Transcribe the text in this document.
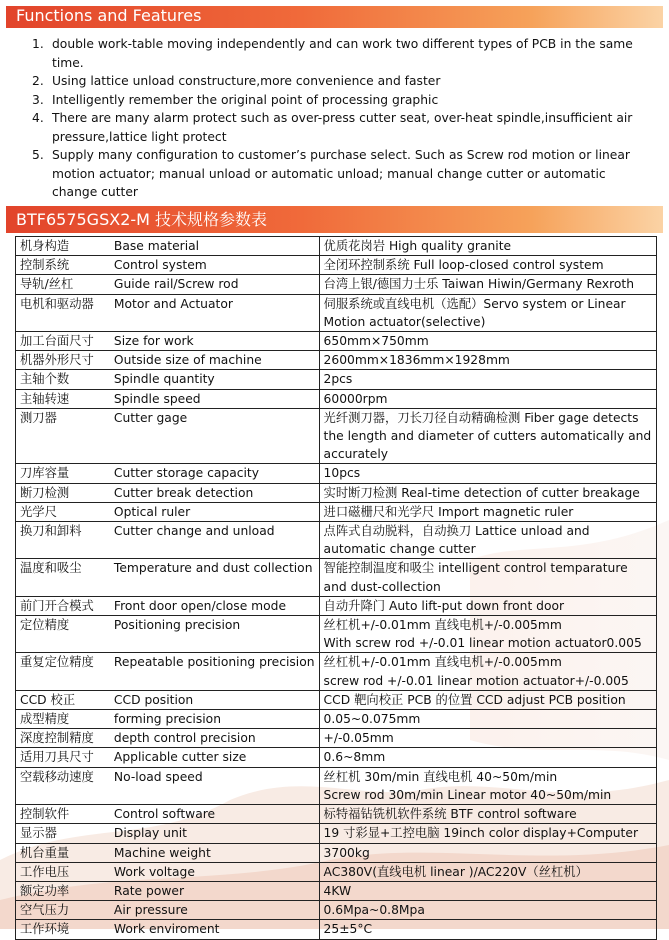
Functions and Features
1. double work-table moving independently and can work two different types of PCB in the same time.
2. Using lattice unload constructure,more convenience and faster
3. Intelligently remember the original point of processing graphic
4. There are many alarm protect such as over-press cutter seat, over-heat spindle,insufficient air pressure,lattice light protect
5. Supply many configuration to customer’s purchase select. Such as Screw rod motion or linear motion actuator; manual unload or automatic unload; manual change cutter or automatic change cutter
BTF6575GSX2-M 技术规格参数表
机身构造 Base material	优质花岗岩 High quality granite

控制系统 Control system	全闭环控制系统 Full loop-closed control system

导轨/丝杠 Guide rail/Screw rod	台湾上银/德国力士乐 Taiwan Hiwin/Germany Rexroth

电机和驱动器 Motor and Actuator	伺服系统或直线电机（选配）Servo system or Linear Motion actuator(selective)

加工台面尺寸 Size for work	650mm×750mm

机器外形尺寸 Outside size of machine	2600mm×1836mm×1928mm

主轴个数 Spindle quantity	2pcs

主轴转速 Spindle speed	60000rpm

测刀器 Cutter gage	光纤测刀器，刀长刀径自动精确检测 Fiber gage detects the length and diameter of cutters automatically and accurately

刀库容量 Cutter storage capacity	10pcs

断刀检测 Cutter break detection	实时断刀检测 Real-time detection of cutter breakage

光学尺 Optical ruler	进口磁栅尺和光学尺 Import magnetic ruler

换刀和卸料 Cutter change and unload	点阵式自动脱料，自动换刀 Lattice unload and automatic change cutter

温度和吸尘 Temperature and dust collection	智能控制温度和吸尘 intelligent control temparature and dust-collection

前门开合模式 Front door open/close mode	自动升降门 Auto lift-put down front door

定位精度 Positioning precision	丝杠机+/-0.01mm 直线电机+/-0.005mm
With screw rod +/-0.01 linear motion actuator0.005

重复定位精度 Repeatable positioning precision	丝杠机+/-0.01mm 直线电机+/-0.005mm
screw rod +/-0.01 linear motion actuator+/-0.005

CCD 校正 CCD position	CCD 靶向校正 PCB 的位置 CCD adjust PCB position

成型精度 forming precision	0.05~0.075mm

深度控制精度 depth control precision	+/-0.05mm

适用刀具尺寸 Applicable cutter size	0.6~8mm

空载移动速度 No-load speed	丝杠机 30m/min 直线电机 40~50m/min
Screw rod 30m/min Linear motor 40~50m/min

控制软件 Control software	标特福钻铣机软件系统 BTF control software

显示器 Display unit	19 寸彩显+工控电脑 19inch color display+Computer

机台重量 Machine weight	3700kg

工作电压 Work voltage	AC380V(直线电机 linear )/AC220V（丝杠机）

额定功率 Rate power	4KW

空气压力 Air pressure	0.6Mpa~0.8Mpa

工作环境 Work enviroment	25±5°C
